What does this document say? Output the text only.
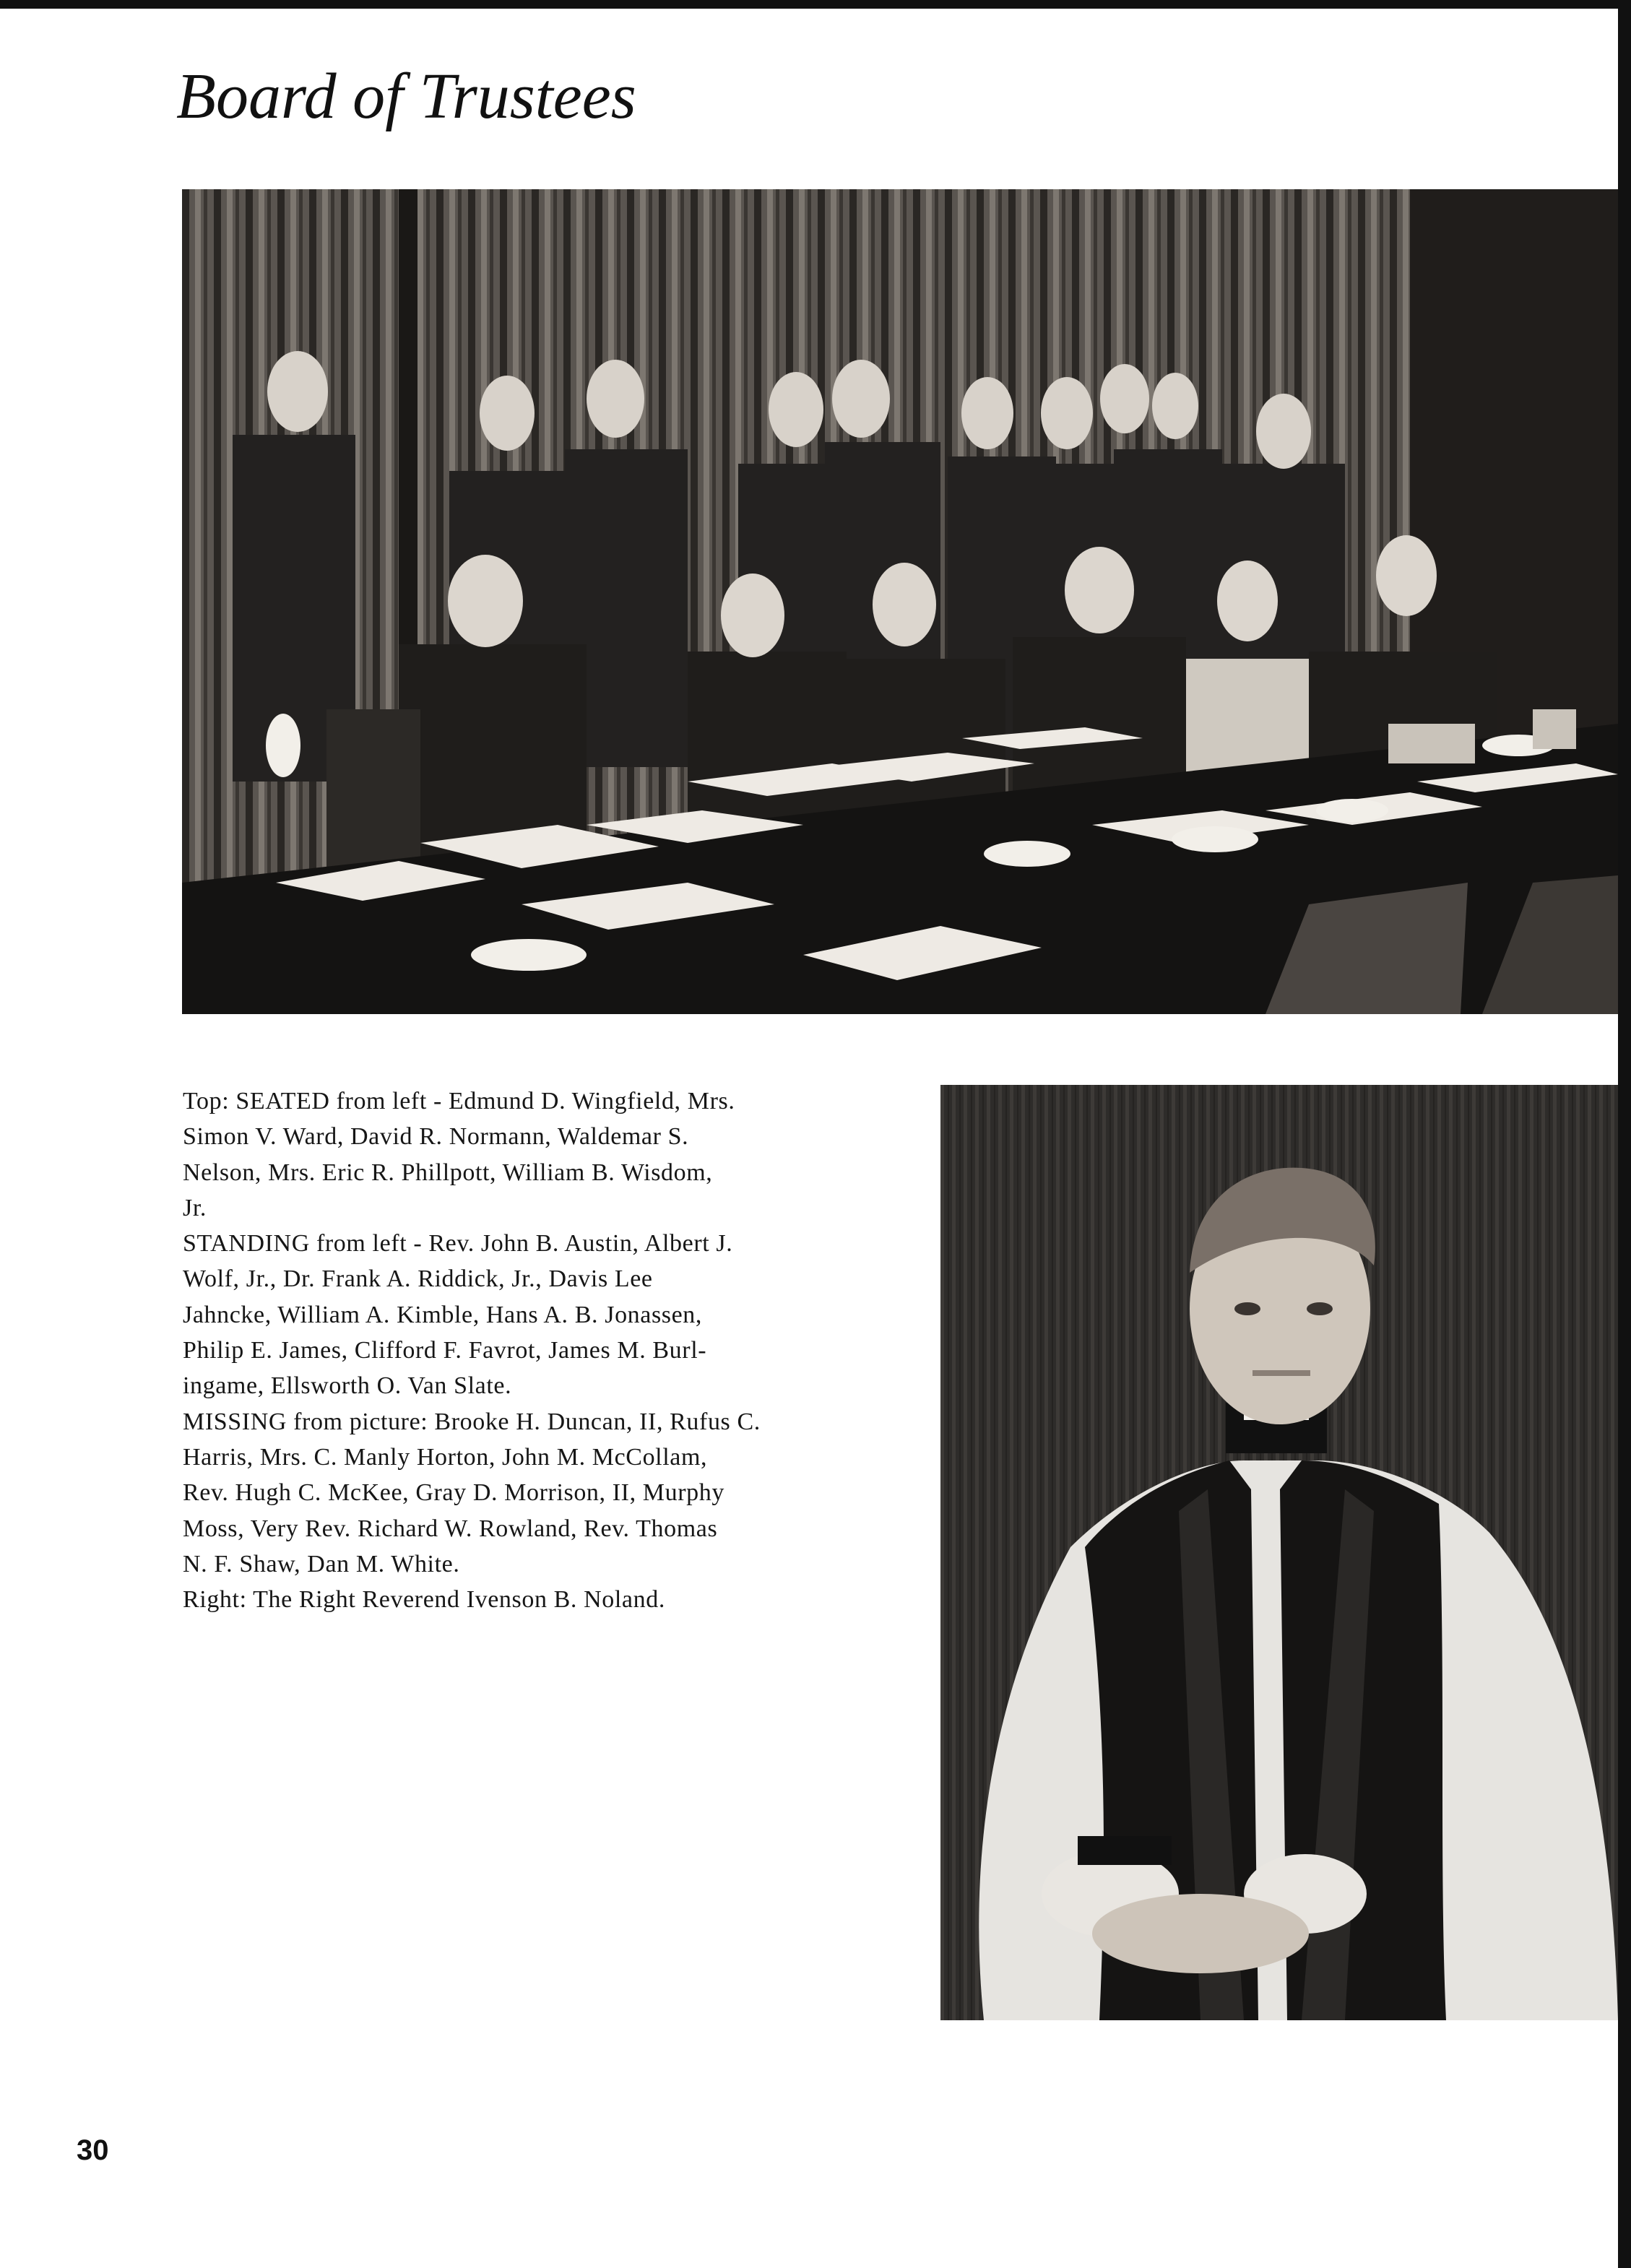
Board of Trustees

Top: SEATED from left - Edmund D. Wingfield, Mrs.

Simon V. Ward, David R. Normann, Waldemar S.

Nelson, Mrs. Eric R. Phillpott, William B. Wisdom,

Jr.

STANDING from left - Rev. John B. Austin, Albert J.

Wolf, Jr., Dr. Frank A. Riddick, Jr., Davis Lee

Jahncke, William A. Kimble, Hans A. B. Jonassen,

Philip E. James, Clifford F. Favrot, James M. Burl-

ingame, Ellsworth O. Van Slate.

MISSING from picture: Brooke H. Duncan, II, Rufus C.

Harris, Mrs. C. Manly Horton, John M. McCollam,

Rev. Hugh C. McKee, Gray D. Morrison, II, Murphy

Moss, Very Rev. Richard W. Rowland, Rev. Thomas

N. F. Shaw, Dan M. White.

Right: The Right Reverend Ivenson B. Noland.

30
